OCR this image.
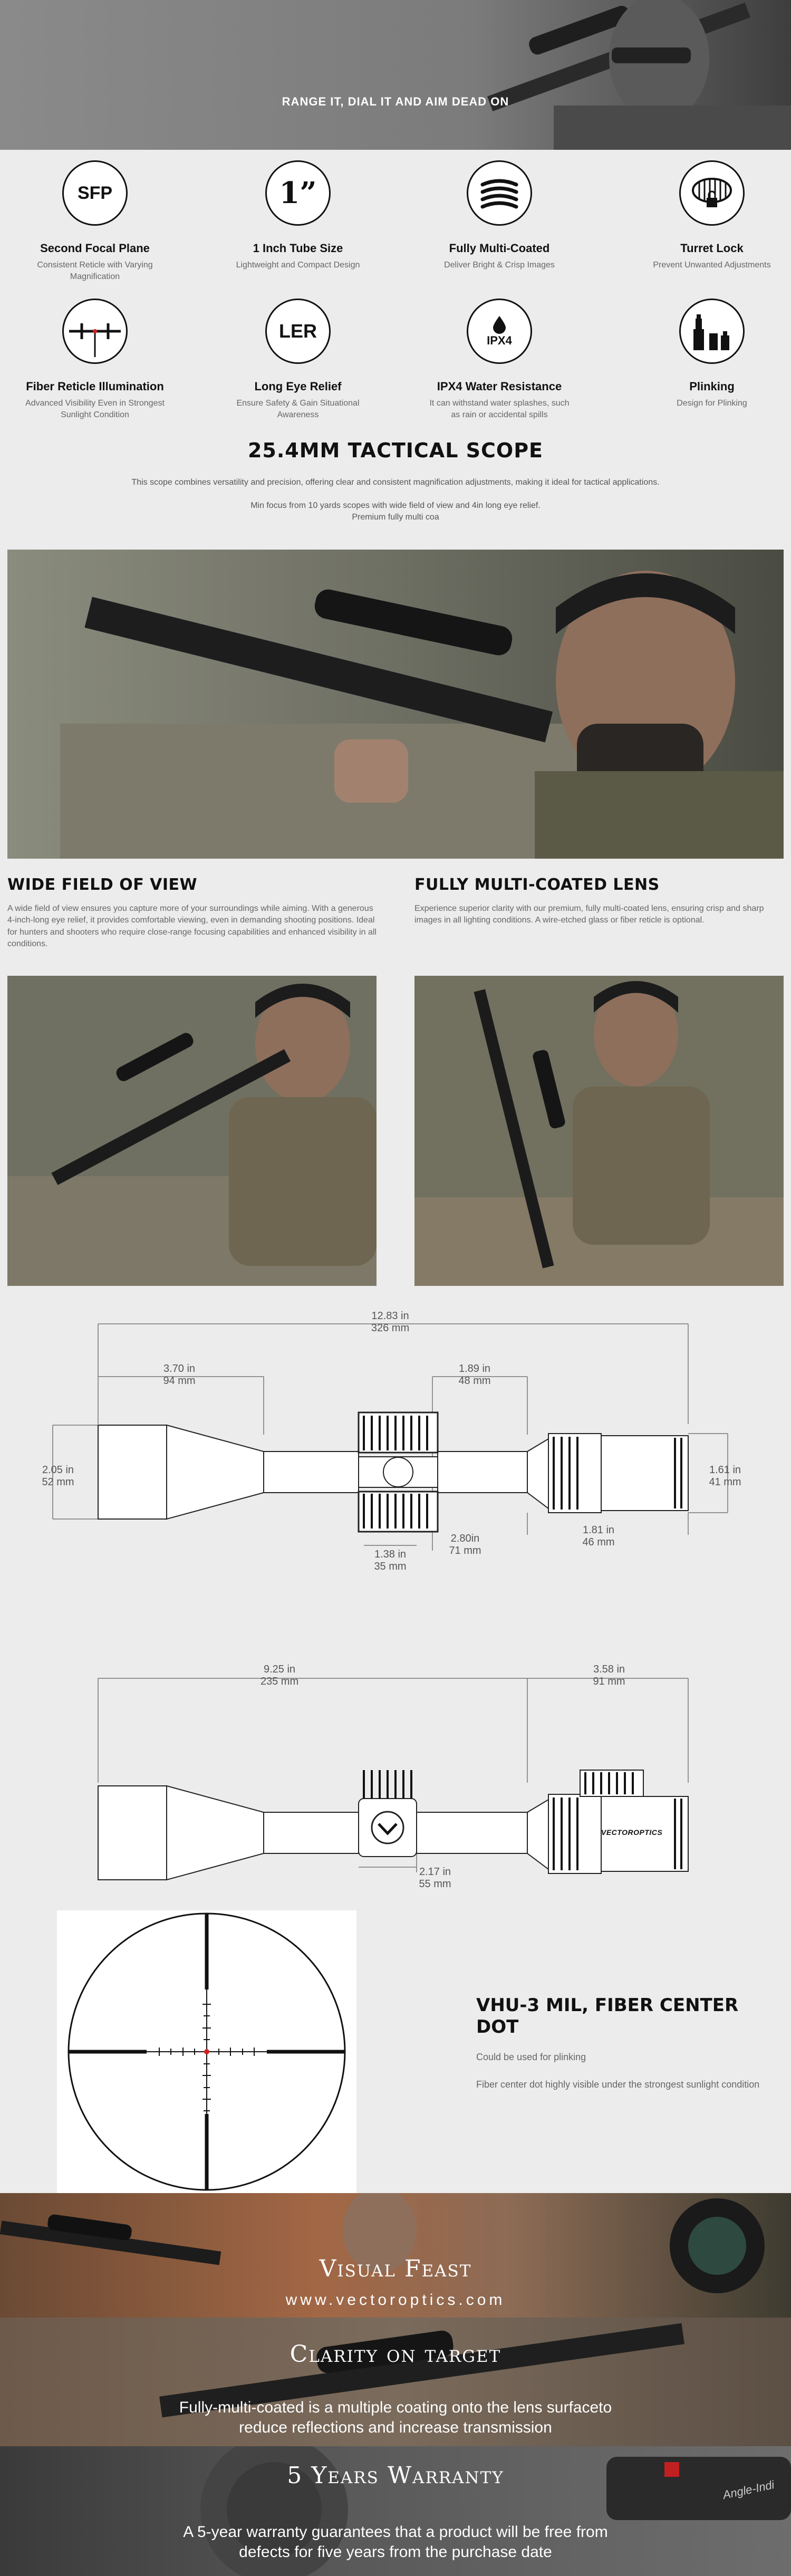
RANGE IT, DIAL IT AND AIM DEAD ON
SFP
Second Focal Plane
Consistent Reticle with Varying Magnification
1”
1 Inch Tube Size
Lightweight and Compact Design
Fully Multi-Coated
Deliver Bright & Crisp Images
Turret Lock
Prevent Unwanted Adjustments
Fiber Reticle Illumination
Advanced Visibility Even in Strongest Sunlight Condition
LER
Long Eye Relief
Ensure Safety & Gain Situational Awareness
IPX4
IPX4 Water Resistance
It can withstand water splashes, such as rain or accidental spills
Plinking
Design for Plinking
25.4MM TACTICAL SCOPE
This scope combines versatility and precision, offering clear and consistent magnification adjustments, making it ideal for tactical applications.
Min focus from 10 yards scopes with wide field of view and 4in long eye relief.
Premium fully multi coa
WIDE FIELD OF VIEW
A wide field of view ensures you capture more of your surroundings while aiming. With a generous 4-inch-long eye relief, it provides comfortable viewing, even in demanding shooting positions. Ideal for hunters and shooters who require close-range focusing capabilities and enhanced visibility in all conditions.
FULLY MULTI-COATED LENS
Experience superior clarity with our premium, fully multi-coated lens, ensuring crisp and sharp images in all lighting conditions. A wire-etched glass or fiber reticle is optional.
12.83 in
326 mm
3.70 in
94 mm
1.89 in
48 mm
2.05 in
52 mm
1.61 in
41 mm
1.38 in
35 mm
2.80in
71 mm
1.81 in
46 mm
VECTOROPTICS
9.25 in
235 mm
3.58 in
91 mm
2.17 in
55 mm
VHU-3 MIL, FIBER CENTER DOT
Could be used for plinking
Fiber center dot highly visible under the strongest sunlight condition
Visual Feast
www.vectoroptics.com
Clarity on target
Fully-multi-coated is a multiple coating onto the lens surfaceto reduce reflections and increase transmission
Angle-Indi
5 Years Warranty
A 5-year warranty guarantees that a product will be free from defects for five years from the purchase date
